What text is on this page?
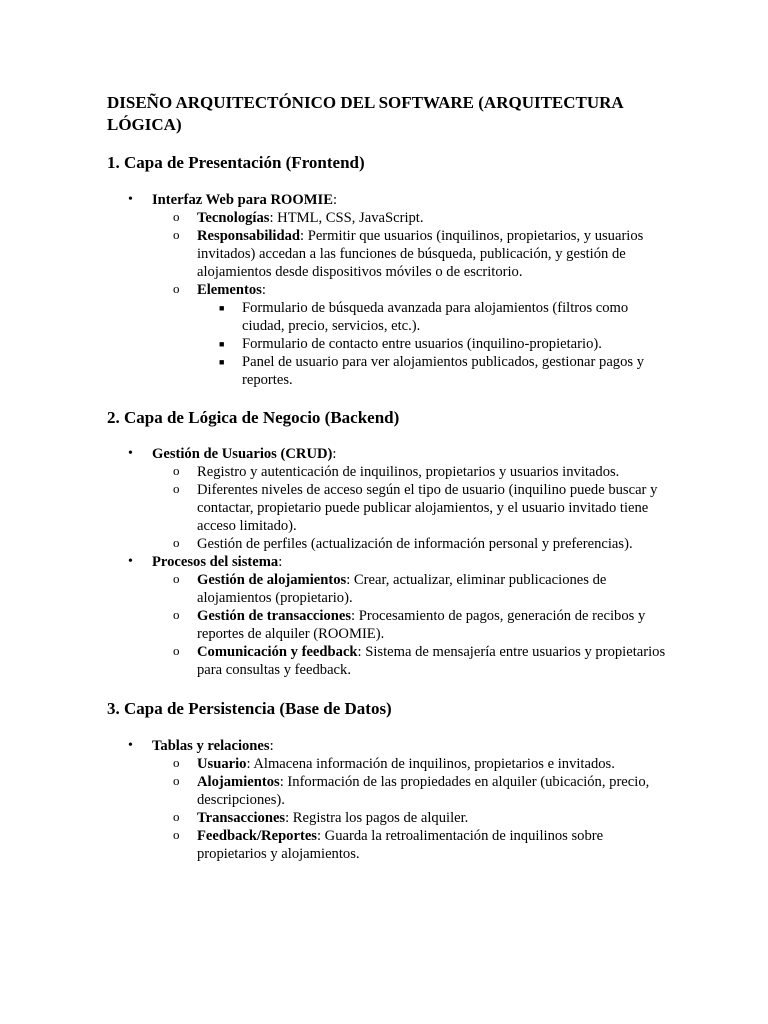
DISEÑO ARQUITECTÓNICO DEL SOFTWARE (ARQUITECTURA LÓGICA)
1. Capa de Presentación (Frontend)
• Interfaz Web para ROOMIE:
o Tecnologías: HTML, CSS, JavaScript.
o Responsabilidad: Permitir que usuarios (inquilinos, propietarios, y usuarios invitados) accedan a las funciones de búsqueda, publicación, y gestión de alojamientos desde dispositivos móviles o de escritorio.
o Elementos:
■ Formulario de búsqueda avanzada para alojamientos (filtros como ciudad, precio, servicios, etc.).
■ Formulario de contacto entre usuarios (inquilino-propietario).
■ Panel de usuario para ver alojamientos publicados, gestionar pagos y reportes.
2. Capa de Lógica de Negocio (Backend)
• Gestión de Usuarios (CRUD):
o Registro y autenticación de inquilinos, propietarios y usuarios invitados.
o Diferentes niveles de acceso según el tipo de usuario (inquilino puede buscar y contactar, propietario puede publicar alojamientos, y el usuario invitado tiene acceso limitado).
o Gestión de perfiles (actualización de información personal y preferencias).
• Procesos del sistema:
o Gestión de alojamientos: Crear, actualizar, eliminar publicaciones de alojamientos (propietario).
o Gestión de transacciones: Procesamiento de pagos, generación de recibos y reportes de alquiler (ROOMIE).
o Comunicación y feedback: Sistema de mensajería entre usuarios y propietarios para consultas y feedback.
3. Capa de Persistencia (Base de Datos)
• Tablas y relaciones:
o Usuario: Almacena información de inquilinos, propietarios e invitados.
o Alojamientos: Información de las propiedades en alquiler (ubicación, precio, descripciones).
o Transacciones: Registra los pagos de alquiler.
o Feedback/Reportes: Guarda la retroalimentación de inquilinos sobre propietarios y alojamientos.
